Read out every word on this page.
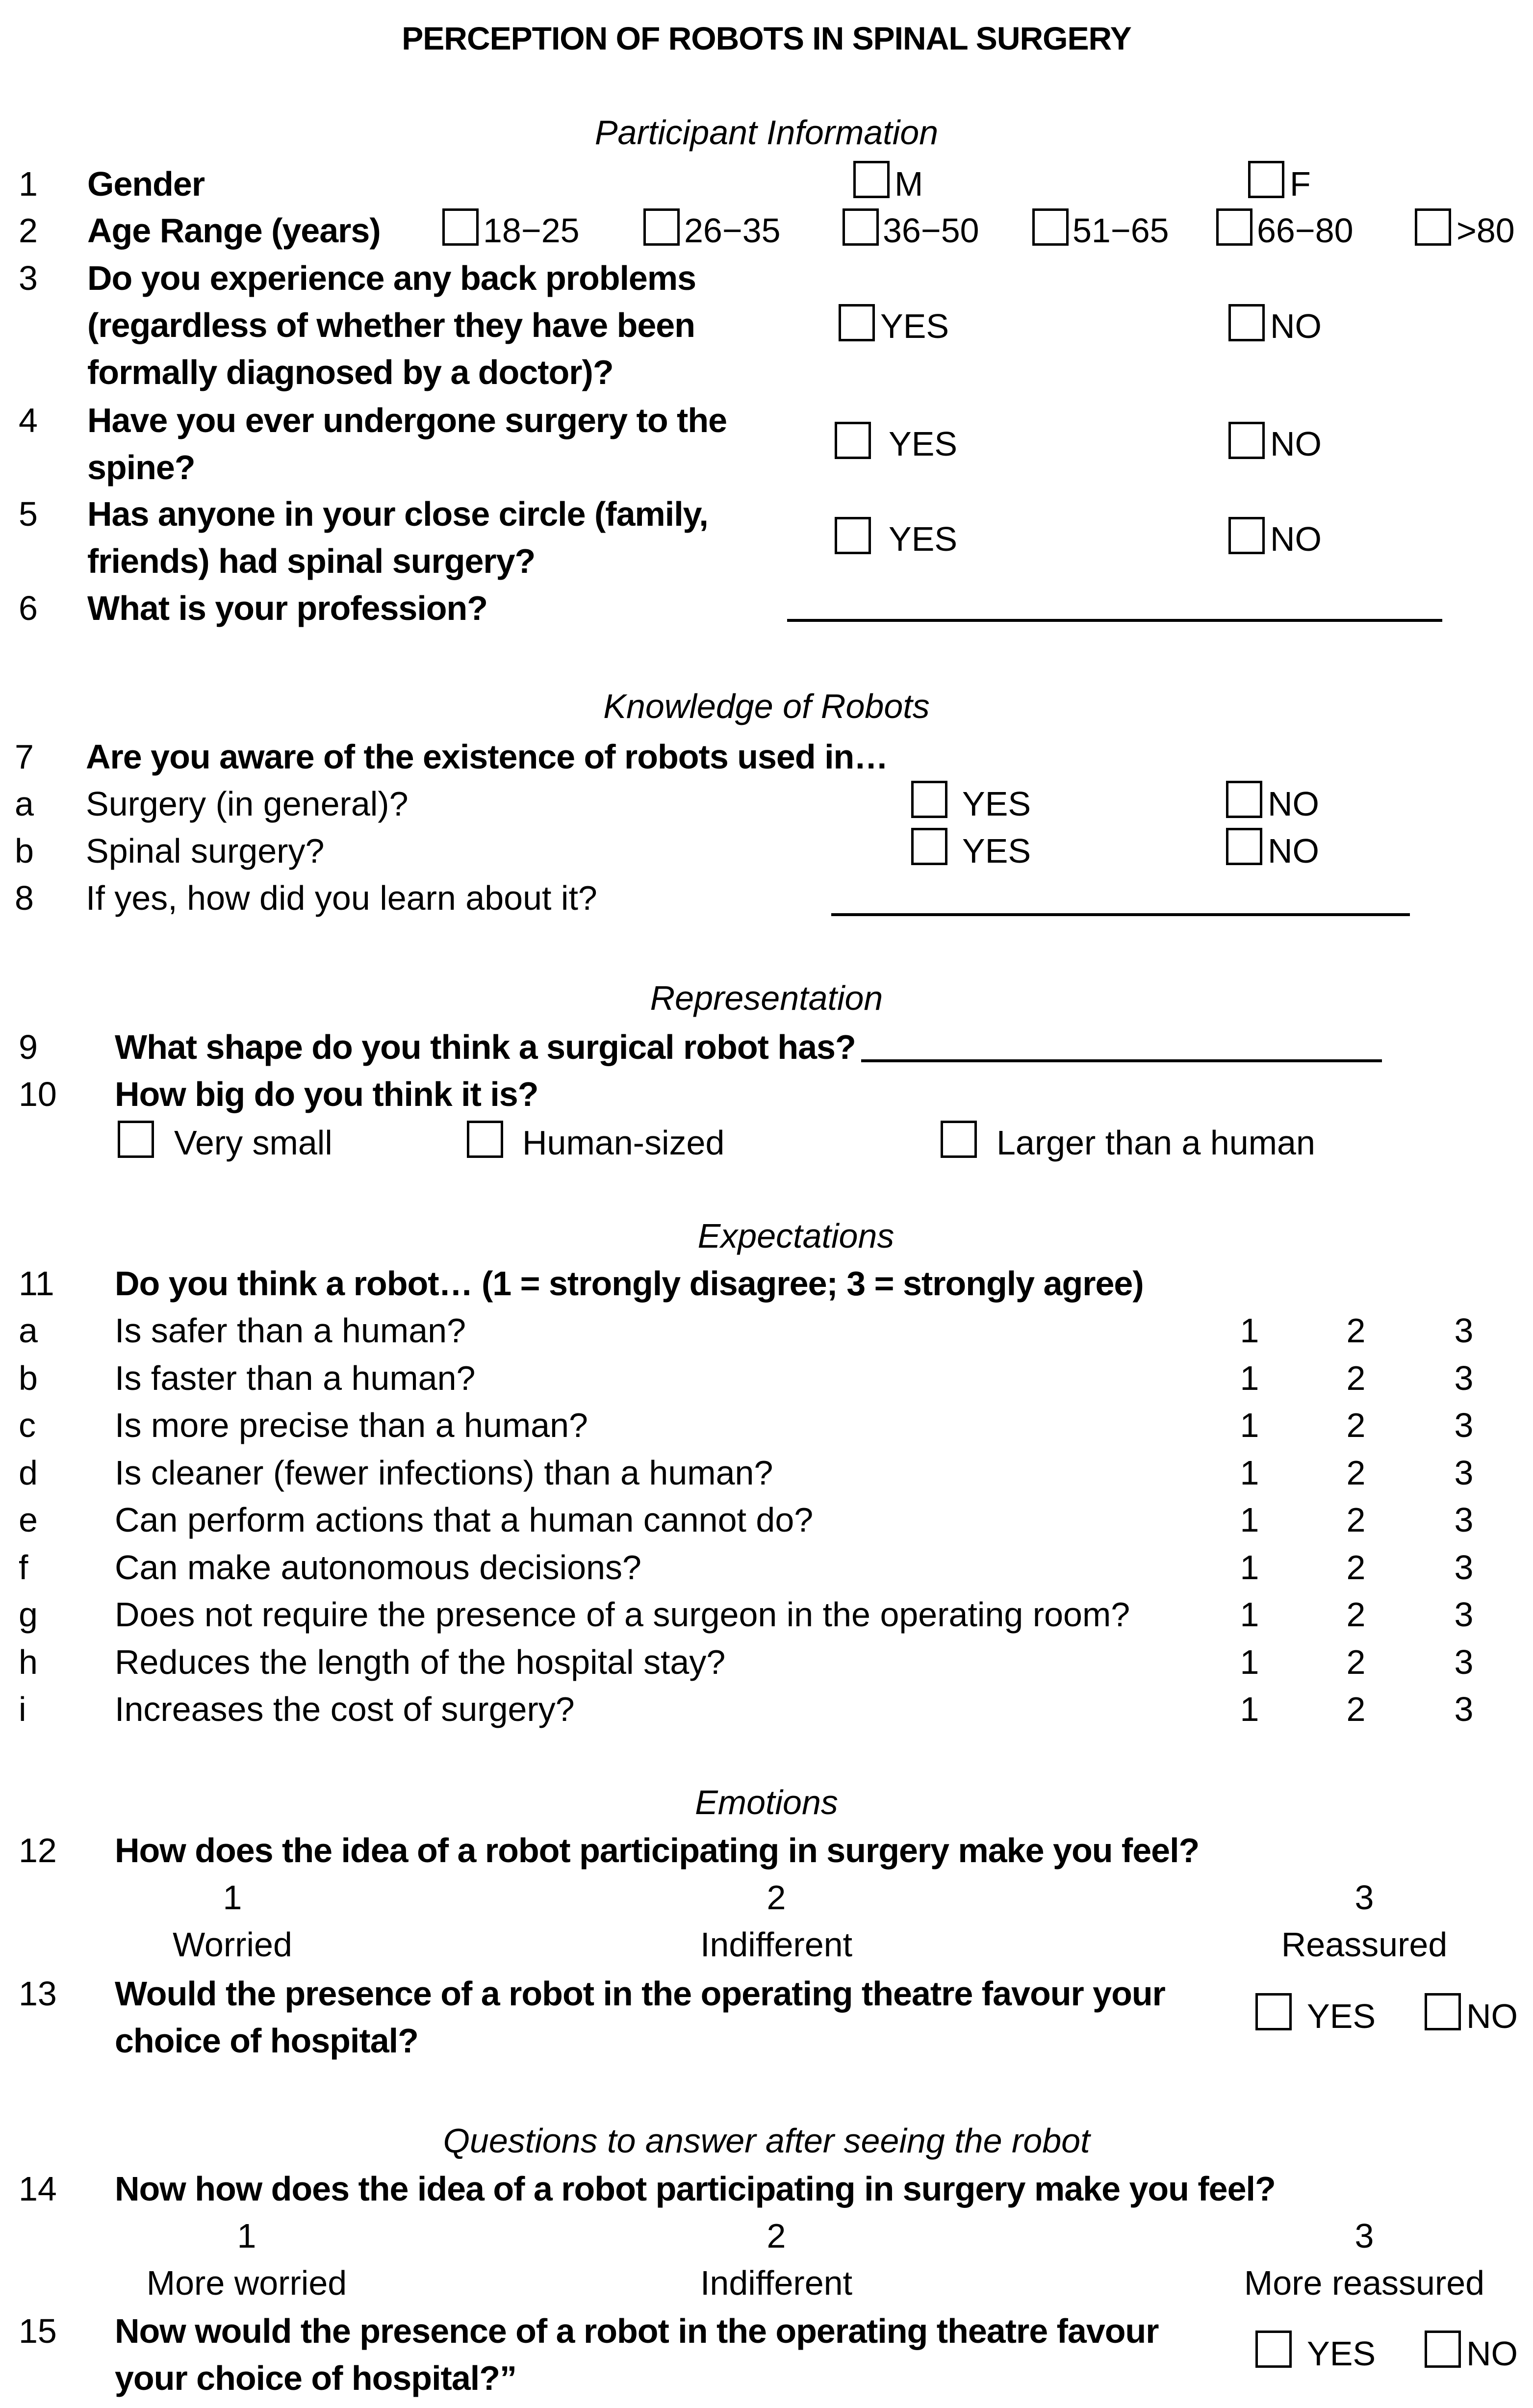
PERCEPTION OF ROBOTS IN SPINAL SURGERY
Participant Information
1 Gender	M	F
2 Age Range (years)	18−25	26−35	36−50	51−65	66−80	>80
3 Do you experience any back problems
(regardless of whether they have been
formally diagnosed by a doctor)?
YES	NO
4 Have you ever undergone surgery to the
spine?
YES	NO
5 Has anyone in your close circle (family,
friends) had spinal surgery?
YES	NO
6 What is your profession?
Knowledge of Robots
7 Are you aware of the existence of robots used in…
a Surgery (in general)?	YES	NO
b Spinal surgery?	YES	NO
8 If yes, how did you learn about it?
Representation
9 What shape do you think a surgical robot has?
10 How big do you think it is?
Very small	Human-sized	Larger than a human
Expectations
11 Do you think a robot… (1 = strongly disagree; 3 = strongly agree)
a Is safer than a human?	1	2	3
b Is faster than a human?	1	2	3
c Is more precise than a human?	1	2	3
d Is cleaner (fewer infections) than a human?	1	2	3
e Can perform actions that a human cannot do?	1	2	3
f	Can make autonomous decisions?	1	2	3
g Does not require the presence of a surgeon in the operating room?	1	2	3
h Reduces the length of the hospital stay?	1	2	3
i	Increases the cost of surgery?	1	2	3
Emotions
12 How does the idea of a robot participating in surgery make you feel?
1	2	3
Worried	Indifferent	Reassured
13 Would the presence of a robot in the operating theatre favour your
choice of hospital?
YES	NO
Questions to answer after seeing the robot
14 Now how does the idea of a robot participating in surgery make you feel?
1	2	3
More worried	Indifferent	More reassured
15 Now would the presence of a robot in the operating theatre favour
your choice of hospital?”
YES	NO
